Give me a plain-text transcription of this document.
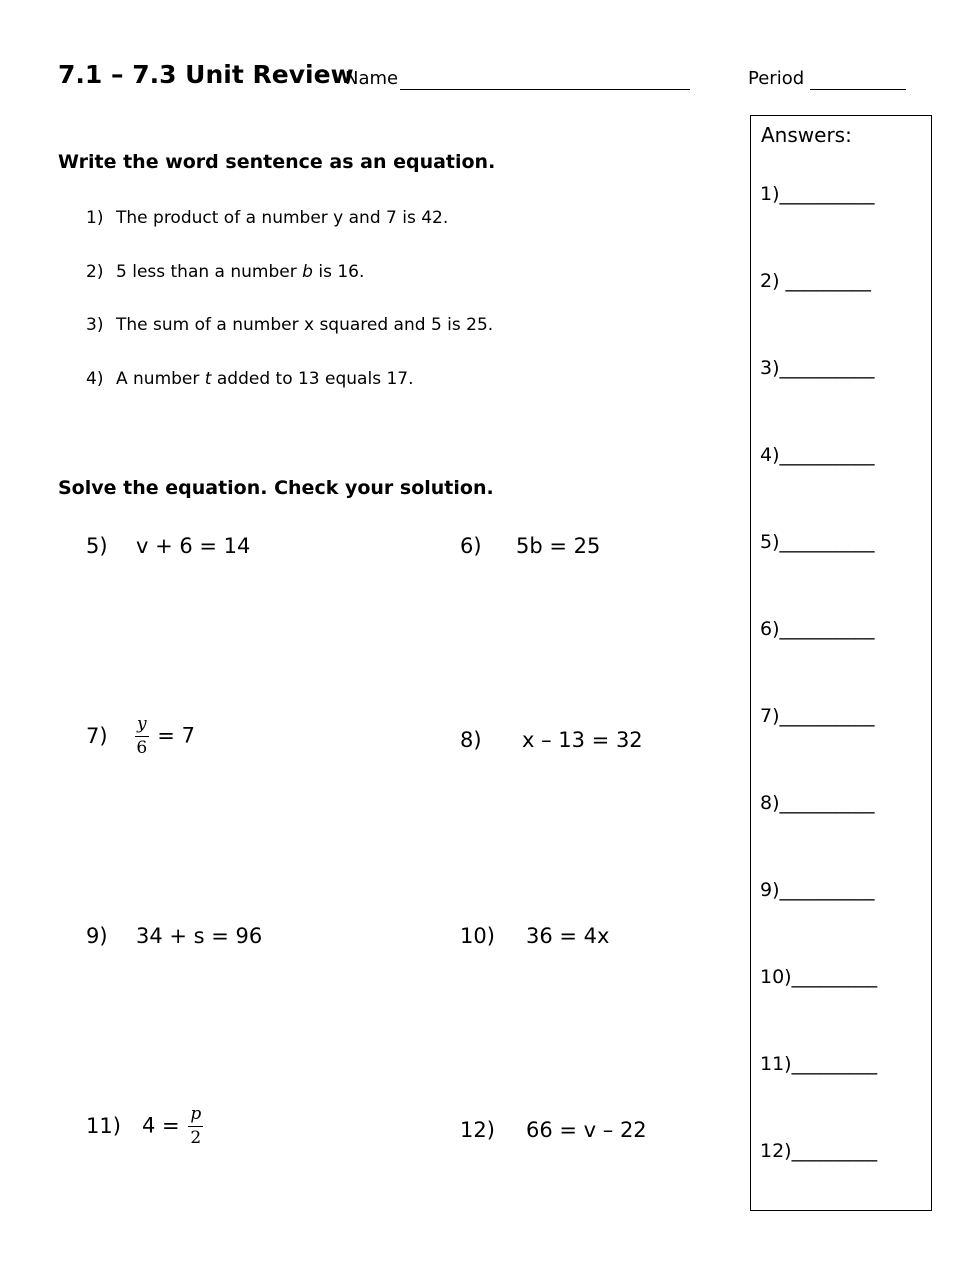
7.1 – 7.3 Unit Review
Name	Period
Write the word sentence as an equation.
1) The product of a number y and 7 is 42.
2) 5 less than a number b is 16.
3) The sum of a number x squared and 5 is 25.
4) A number t added to 13 equals 17.
Solve the equation. Check your solution.
5) v + 6 = 14	6) 5b = 25
$7) \frac{y}{6} = 7$	8) x – 13 = 32
9) 34 + s = 96	10) 36 = 4x
11) $4 = \frac{p}{2}$	12) 66 = v – 22
Answers:
1)__________
2) _________
3)__________
4)__________
5)__________
6)__________
7)__________
8)__________
9)__________
10)_________
11)_________
12)_________
